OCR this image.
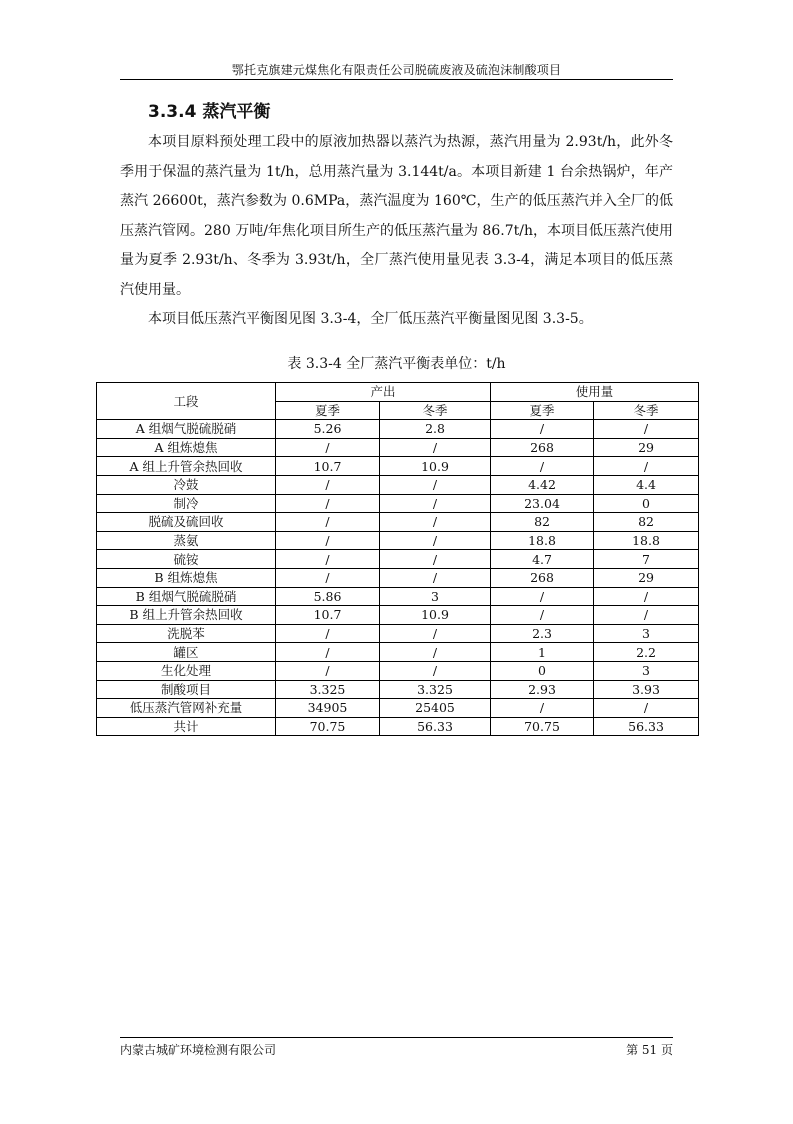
鄂托克旗建元煤焦化有限责任公司脱硫废液及硫泡沫制酸项目
3.3.4 蒸汽平衡

本项目原料预处理工段中的原液加热器以蒸汽为热源，蒸汽用量为 2.93t/h，此外冬季用于保温的蒸汽量为 1t/h，总用蒸汽量为 3.144t/a。本项目新建 1 台余热锅炉，年产蒸汽 26600t，蒸汽参数为 0.6MPa，蒸汽温度为 160℃，生产的低压蒸汽并入全厂的低压蒸汽管网。280 万吨/年焦化项目所生产的低压蒸汽量为 86.7t/h，本项目低压蒸汽使用量为夏季 2.93t/h、冬季为 3.93t/h，全厂蒸汽使用量见表 3.3-4，满足本项目的低压蒸汽使用量。

本项目低压蒸汽平衡图见图 3.3-4，全厂低压蒸汽平衡量图见图 3.3-5。

表 3.3-4 全厂蒸汽平衡表单位：t/h
工段	产出		使用量	
	夏季	冬季	夏季	冬季
A 组烟气脱硫脱硝	5.26	2.8	/	/
A 组炼熄焦	/	/	268	29
A 组上升管余热回收	10.7	10.9	/	/
冷鼓	/	/	4.42	4.4
制冷	/	/	23.04	0
脱硫及硫回收	/	/	82	82
蒸氨	/	/	18.8	18.8
硫铵	/	/	4.7	7
B 组炼熄焦	/	/	268	29
B 组烟气脱硫脱硝	5.86	3	/	/
B 组上升管余热回收	10.7	10.9	/	/
洗脱苯	/	/	2.3	3
罐区	/	/	1	2.2
生化处理	/	/	0	3
制酸项目	3.325	3.325	2.93	3.93
低压蒸汽管网补充量	34905	25405	/	/
共计	70.75	56.33	70.75	56.33
内蒙古城矿环境检测有限公司	第 51 页
